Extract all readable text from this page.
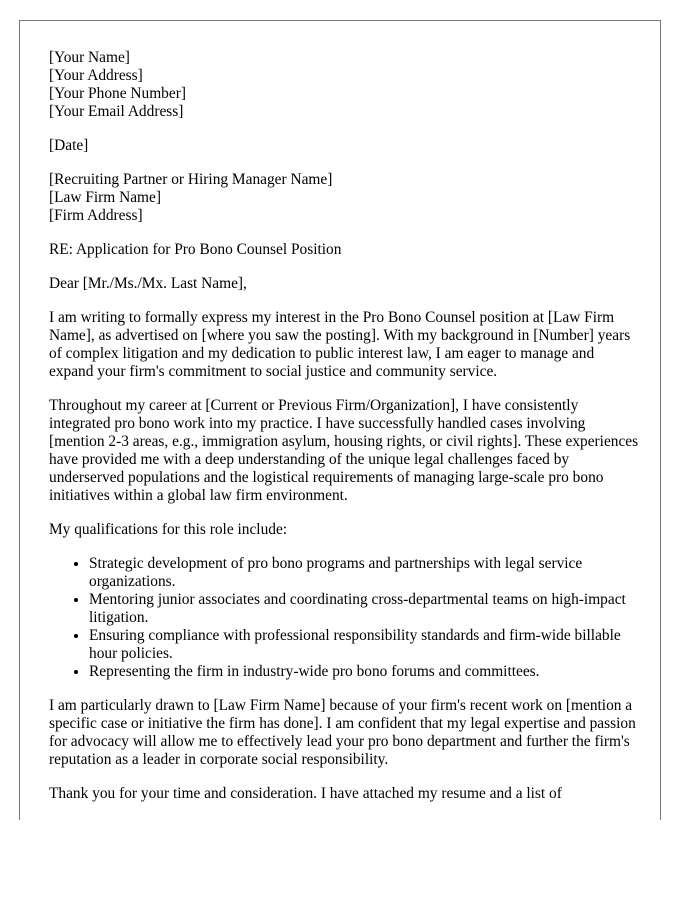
[Your Name]
[Your Address]
[Your Phone Number]
[Your Email Address]
[Date]
[Recruiting Partner or Hiring Manager Name]
[Law Firm Name]
[Firm Address]

RE: Application for Pro Bono Counsel Position

Dear [Mr./Ms./Mx. Last Name],

I am writing to formally express my interest in the Pro Bono Counsel position at [Law Firm Name], as advertised on [where you saw the posting]. With my background in [Number] years of complex litigation and my dedication to public interest law, I am eager to manage and expand your firm's commitment to social justice and community service.

Throughout my career at [Current or Previous Firm/Organization], I have consistently integrated pro bono work into my practice. I have successfully handled cases involving [mention 2-3 areas, e.g., immigration asylum, housing rights, or civil rights]. These experiences have provided me with a deep understanding of the unique legal challenges faced by underserved populations and the logistical requirements of managing large-scale pro bono initiatives within a global law firm environment.

My qualifications for this role include:

• Strategic development of pro bono programs and partnerships with legal service organizations.
• Mentoring junior associates and coordinating cross-departmental teams on high-impact litigation.
• Ensuring compliance with professional responsibility standards and firm-wide billable hour policies.
• Representing the firm in industry-wide pro bono forums and committees.

I am particularly drawn to [Law Firm Name] because of your firm's recent work on [mention a specific case or initiative the firm has done]. I am confident that my legal expertise and passion for advocacy will allow me to effectively lead your pro bono department and further the firm's reputation as a leader in corporate social responsibility.

Thank you for your time and consideration. I have attached my resume and a list of
